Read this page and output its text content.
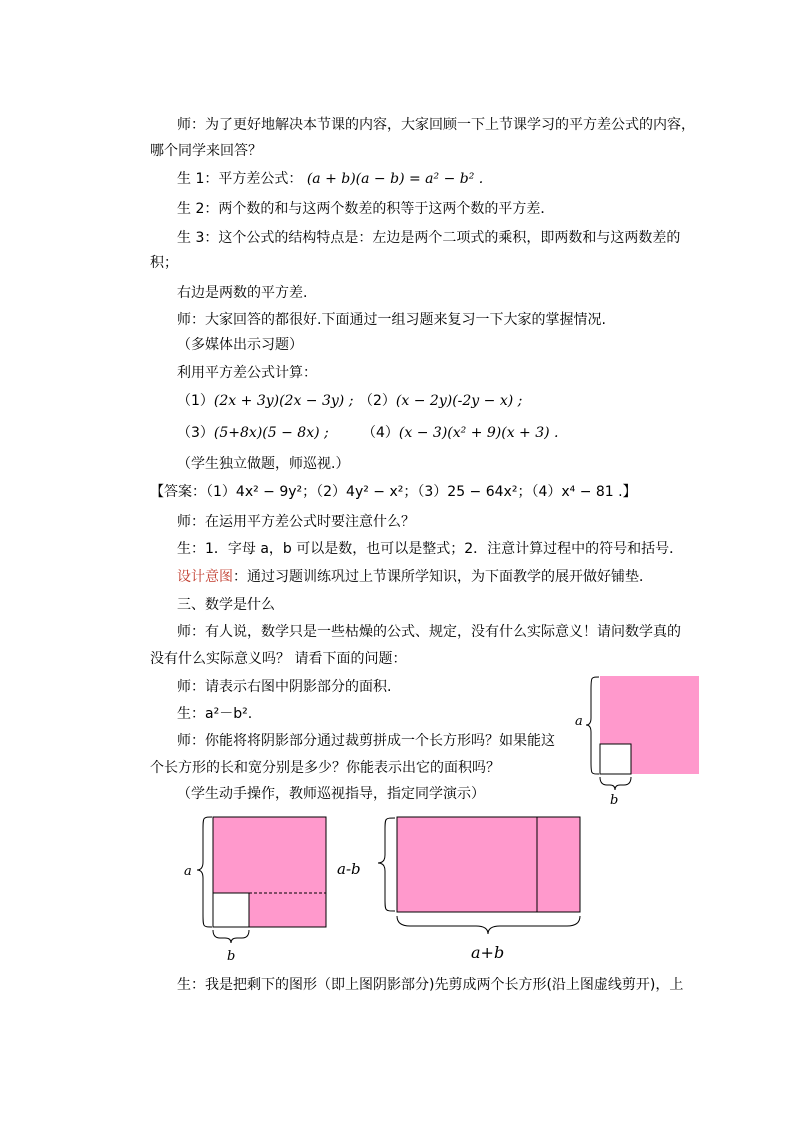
师：为了更好地解决本节课的内容，大家回顾一下上节课学习的平方差公式的内容，
哪个同学来回答？
生 1：平方差公式： (a + b)(a − b) = a² − b² .
生 2：两个数的和与这两个数差的积等于这两个数的平方差．
生 3：这个公式的结构特点是：左边是两个二项式的乘积，即两数和与这两数差的
积；
右边是两数的平方差.
师：大家回答的都很好.下面通过一组习题来复习一下大家的掌握情况.
（多媒体出示习题）
利用平方差公式计算：
（1）(2x + 3y)(2x − 3y) ; （2）(x − 2y)(-2y − x) ;
（3）(5+8x)(5 − 8x) ; （4）(x − 3)(x² + 9)(x + 3) .
（学生独立做题，师巡视.）
【答案：（1）4x² − 9y²；（2）4y² − x²；（3）25 − 64x²；（4）x⁴ − 81 .】
师：在运用平方差公式时要注意什么？
生：1．字母 a，b 可以是数，也可以是整式；2．注意计算过程中的符号和括号．
设计意图：通过习题训练巩过上节课所学知识，为下面教学的展开做好铺垫．
三、数学是什么
师：有人说，数学只是一些枯燥的公式、规定，没有什么实际意义！请问数学真的
没有什么实际意义吗？ 请看下面的问题：
师：请表示右图中阴影部分的面积.
生：a²－b².
师：你能将将阴影部分通过裁剪拼成一个长方形吗？如果能这
个长方形的长和宽分别是多少？你能表示出它的面积吗？
（学生动手操作，教师巡视指导，指定同学演示）
生：我是把剩下的图形（即上图阴影部分)先剪成两个长方形(沿上图虚线剪开)，上
a
b
a
b
a-b
a+b
